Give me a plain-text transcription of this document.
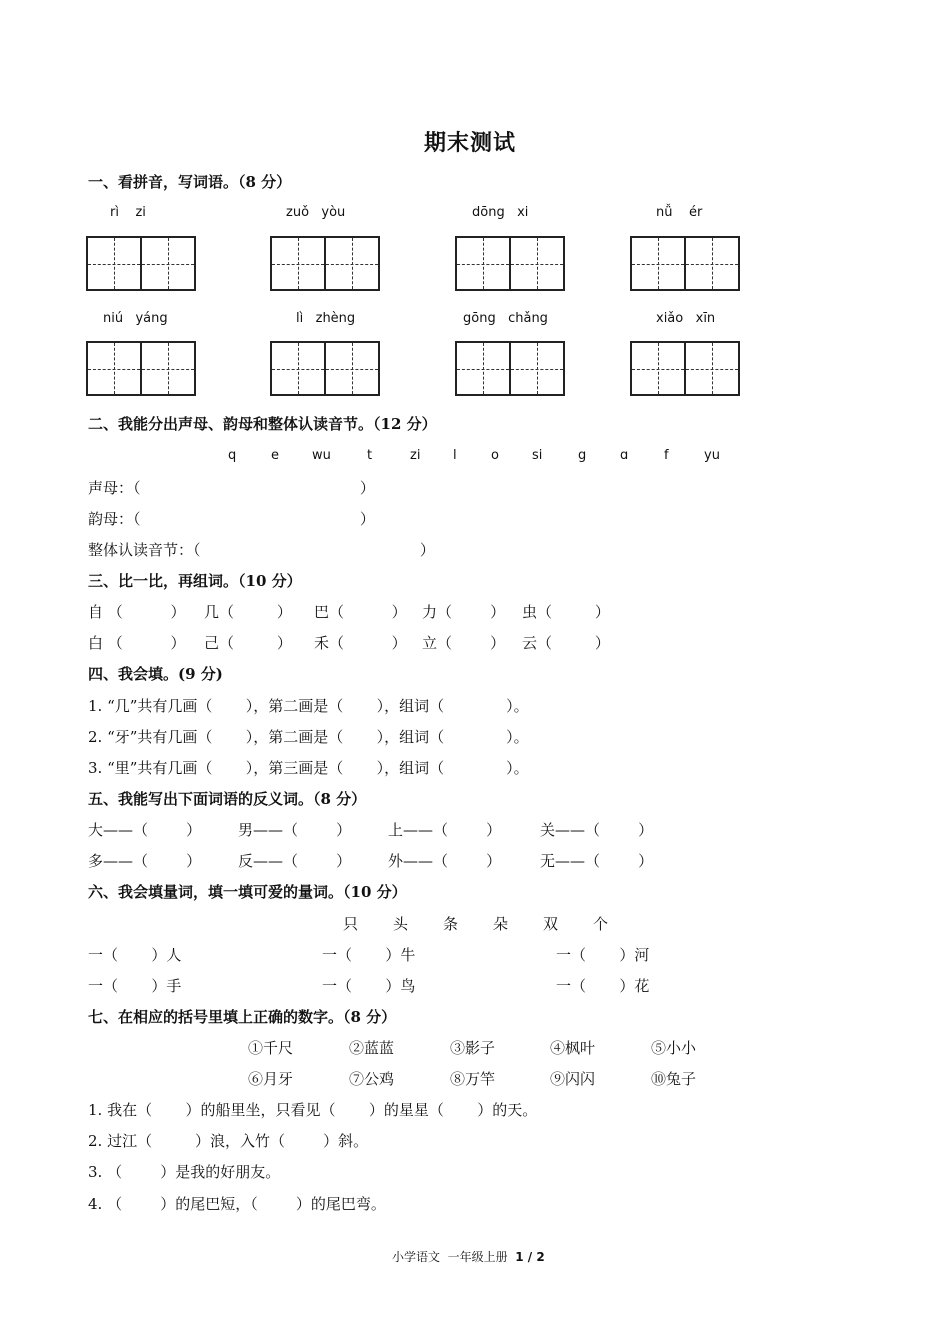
期末测试
一、看拼音，写词语。（8 分）
rì    zi	zuǒ   yòu	dōng   xi	nǚ    ér
niú   yáng	lì   zhèng	gōng   chǎng	xiǎo   xīn
二、我能分出声母、韵母和整体认读音节。（12 分）
q	e	wu	t	zi	l	o	si	g	ɑ	f	yu
声母：（                                              ）
韵母：（                                              ）
整体认读音节：（                                              ）
三、比一比，再组词。（10 分）
自 （          ） 几（         ） 巴（          ） 力（        ） 虫（         ）
白 （          ） 己（         ） 禾（          ） 立（        ） 云（         ）
四、我会填。(9 分)
1. “几”共有几画（       ），第二画是（       ），组词（             ）。
2. “牙”共有几画（       ），第二画是（       ），组词（             ）。
3. “里”共有几画（       ），第三画是（       ），组词（             ）。
五、我能写出下面词语的反义词。（8 分）
大——（        ） 男——（        ） 上——（        ）	关——（        ）
多——（        ） 反——（        ） 外——（        ）	无——（        ）
六、我会填量词，填一填可爱的量词。（10 分）
只 头 条 朵 双 个
一（       ）人	一（       ）牛	一（       ）河
一（       ）手	一（       ）鸟	一（       ）花
七、在相应的括号里填上正确的数字。（8 分）
①千尺	②蓝蓝	③影子	④枫叶	⑤小小
⑥月牙	⑦公鸡	⑧万竿	⑨闪闪	⑩兔子
1. 我在（       ）的船里坐，只看见（       ）的星星（       ）的天。
2. 过江（         ）浪，入竹（        ）斜。
3. （        ）是我的好朋友。
4. （        ）的尾巴短，（        ）的尾巴弯。
小学语文  一年级上册  1 / 2
